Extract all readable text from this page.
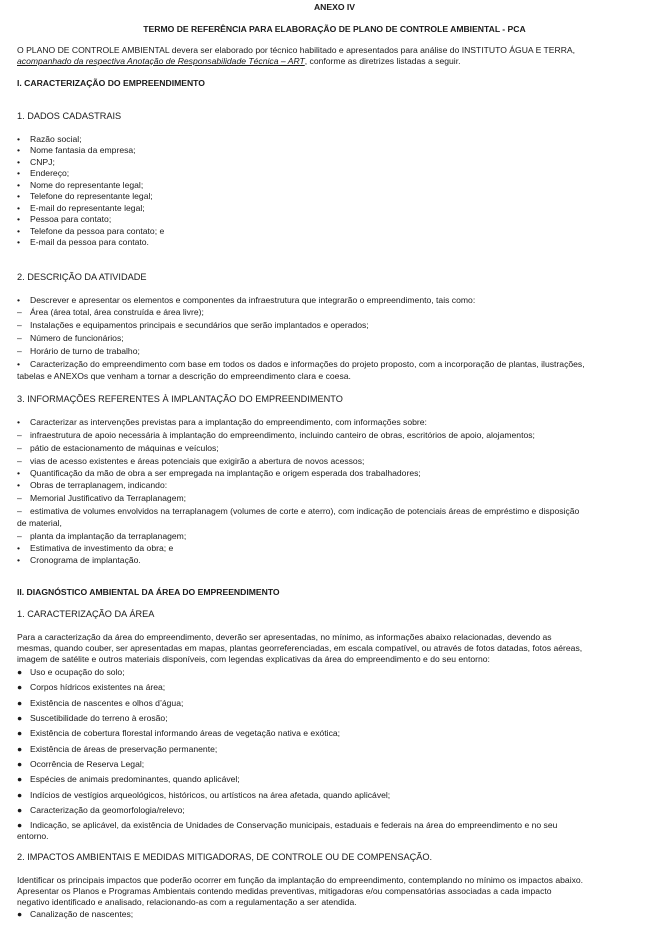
ANEXO IV
TERMO DE REFERÊNCIA PARA ELABORAÇÃO DE PLANO DE CONTROLE AMBIENTAL - PCA
O PLANO DE CONTROLE AMBIENTAL devera ser elaborado por técnico habilitado e apresentados para análise do INSTITUTO ÁGUA E TERRA,
acompanhado da respectiva Anotação de Responsabilidade Técnica – ART, conforme as diretrizes listadas a seguir.
I. CARACTERIZAÇÃO DO EMPREENDIMENTO
1. DADOS CADASTRAIS
•	Razão social;
•	Nome fantasia da empresa;
•	CNPJ;
•	Endereço;
•	Nome do representante legal;
•	Telefone do representante legal;
•	E-mail do representante legal;
•	Pessoa para contato;
•	Telefone da pessoa para contato; e
•	E-mail da pessoa para contato.
2. DESCRIÇÃO DA ATIVIDADE
•	Descrever e apresentar os elementos e componentes da infraestrutura que integrarão o empreendimento, tais como:
– Área (área total, área construída e área livre);
– Instalações e equipamentos principais e secundários que serão implantados e operados;
– Número de funcionários;
– Horário de turno de trabalho;
•	Caracterização do empreendimento com base em todos os dados e informações do projeto proposto, com a incorporação de plantas, ilustrações,
tabelas e ANEXOs que venham a tornar a descrição do empreendimento clara e coesa.
3. INFORMAÇÕES REFERENTES À IMPLANTAÇÃO DO EMPREENDIMENTO
•	Caracterizar as intervenções previstas para a implantação do empreendimento, com informações sobre:
– infraestrutura de apoio necessária à implantação do empreendimento, incluindo canteiro de obras, escritórios de apoio, alojamentos;
– pátio de estacionamento de máquinas e veículos;
– vias de acesso existentes e áreas potenciais que exigirão a abertura de novos acessos;
•	Quantificação da mão de obra a ser empregada na implantação e origem esperada dos trabalhadores;
•	Obras de terraplanagem, indicando:
– Memorial Justificativo da Terraplanagem;
– estimativa de volumes envolvidos na terraplanagem (volumes de corte e aterro), com indicação de potenciais áreas de empréstimo e disposição
de material,
– planta da implantação da terraplanagem;
•	Estimativa de investimento da obra; e
•	Cronograma de implantação.
II. DIAGNÓSTICO AMBIENTAL DA ÁREA DO EMPREENDIMENTO
1. CARACTERIZAÇÃO DA ÁREA
Para a caracterização da área do empreendimento, deverão ser apresentadas, no mínimo, as informações abaixo relacionadas, devendo as
mesmas, quando couber, ser apresentadas em mapas, plantas georreferenciadas, em escala compatível, ou através de fotos datadas, fotos aéreas,
imagem de satélite e outros materiais disponíveis, com legendas explicativas da área do empreendimento e do seu entorno:
● Uso e ocupação do solo;
● Corpos hídricos existentes na área;
● Existência de nascentes e olhos d’água;
● Suscetibilidade do terreno à erosão;
● Existência de cobertura florestal informando áreas de vegetação nativa e exótica;
● Existência de áreas de preservação permanente;
● Ocorrência de Reserva Legal;
● Espécies de animais predominantes, quando aplicável;
● Indícios de vestígios arqueológicos, históricos, ou artísticos na área afetada, quando aplicável;
● Caracterização da geomorfologia/relevo;
● Indicação, se aplicável, da existência de Unidades de Conservação municipais, estaduais e federais na área do empreendimento e no seu
entorno.
2. IMPACTOS AMBIENTAIS E MEDIDAS MITIGADORAS, DE CONTROLE OU DE COMPENSAÇÃO.
Identificar os principais impactos que poderão ocorrer em função da implantação do empreendimento, contemplando no mínimo os impactos abaixo.
Apresentar os Planos e Programas Ambientais contendo medidas preventivas, mitigadoras e/ou compensatórias associadas a cada impacto
negativo identificado e analisado, relacionando-as com a regulamentação a ser atendida.
● Canalização de nascentes;
